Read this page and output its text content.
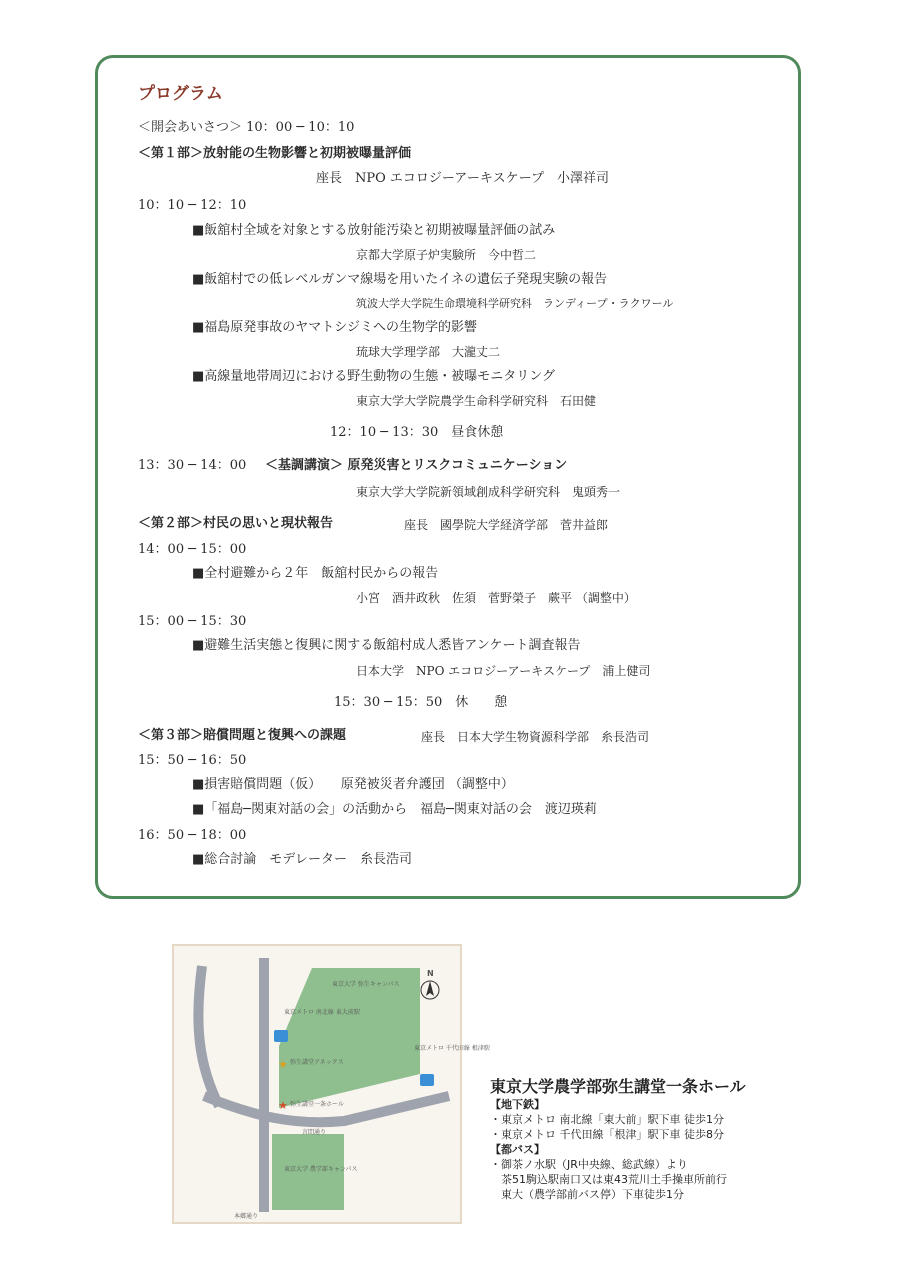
プログラム
＜開会あいさつ＞ 10：00 ─ 10：10
＜第１部＞放射能の生物影響と初期被曝量評価
座長　NPO エコロジーアーキスケープ　小澤祥司
10：10 ─ 12：10
■飯舘村全域を対象とする放射能汚染と初期被曝量評価の試み
京都大学原子炉実験所　今中哲二
■飯舘村での低レベルガンマ線場を用いたイネの遺伝子発現実験の報告
筑波大学大学院生命環境科学研究科　ランディープ・ラクワール
■福島原発事故のヤマトシジミへの生物学的影響
琉球大学理学部　大瀧丈二
■高線量地帯周辺における野生動物の生態・被曝モニタリング
東京大学大学院農学生命科学研究科　石田健
12：10 ─ 13：30　昼食休憩
13：30 ─ 14：00 ＜基調講演＞ 原発災害とリスクコミュニケーション
東京大学大学院新領域創成科学研究科　鬼頭秀一
＜第２部＞村民の思いと現状報告	座長　國學院大学経済学部　菅井益郎
14：00 ─ 15：00
■全村避難から２年　飯舘村民からの報告
小宮　酒井政秋　佐須　菅野榮子　蕨平 （調整中）
15：00 ─ 15：30
■避難生活実態と復興に関する飯舘村成人悉皆アンケート調査報告
日本大学　NPO エコロジーアーキスケープ　浦上健司
15：30 ─ 15：50　休　　憩
＜第３部＞賠償問題と復興への課題	座長　日本大学生物資源科学部　糸長浩司
15：50 ─ 16：50
■損害賠償問題（仮）　　原発被災者弁護団 （調整中）
■「福島─関東対話の会」の活動から　福島─関東対話の会　渡辺瑛莉
16：50 ─ 18：00
■総合討論　モデレーター　糸長浩司
東京大学 弥生キャンパス
東京大学 農学部キャンパス
東京メトロ 南北線 東大前駅
東京メトロ 千代田線 根津駅
弥生講堂アネックス
弥生講堂一条ホール
言問通り
本郷通り
★
★
N
東京大学農学部弥生講堂一条ホール
【地下鉄】
・東京メトロ 南北線「東大前」駅下車 徒歩1分
・東京メトロ 千代田線「根津」駅下車 徒歩8分
【都バス】
・御茶ノ水駅（JR中央線、総武線）より
　茶51駒込駅南口又は東43荒川土手操車所前行
　東大（農学部前バス停）下車徒歩1分
